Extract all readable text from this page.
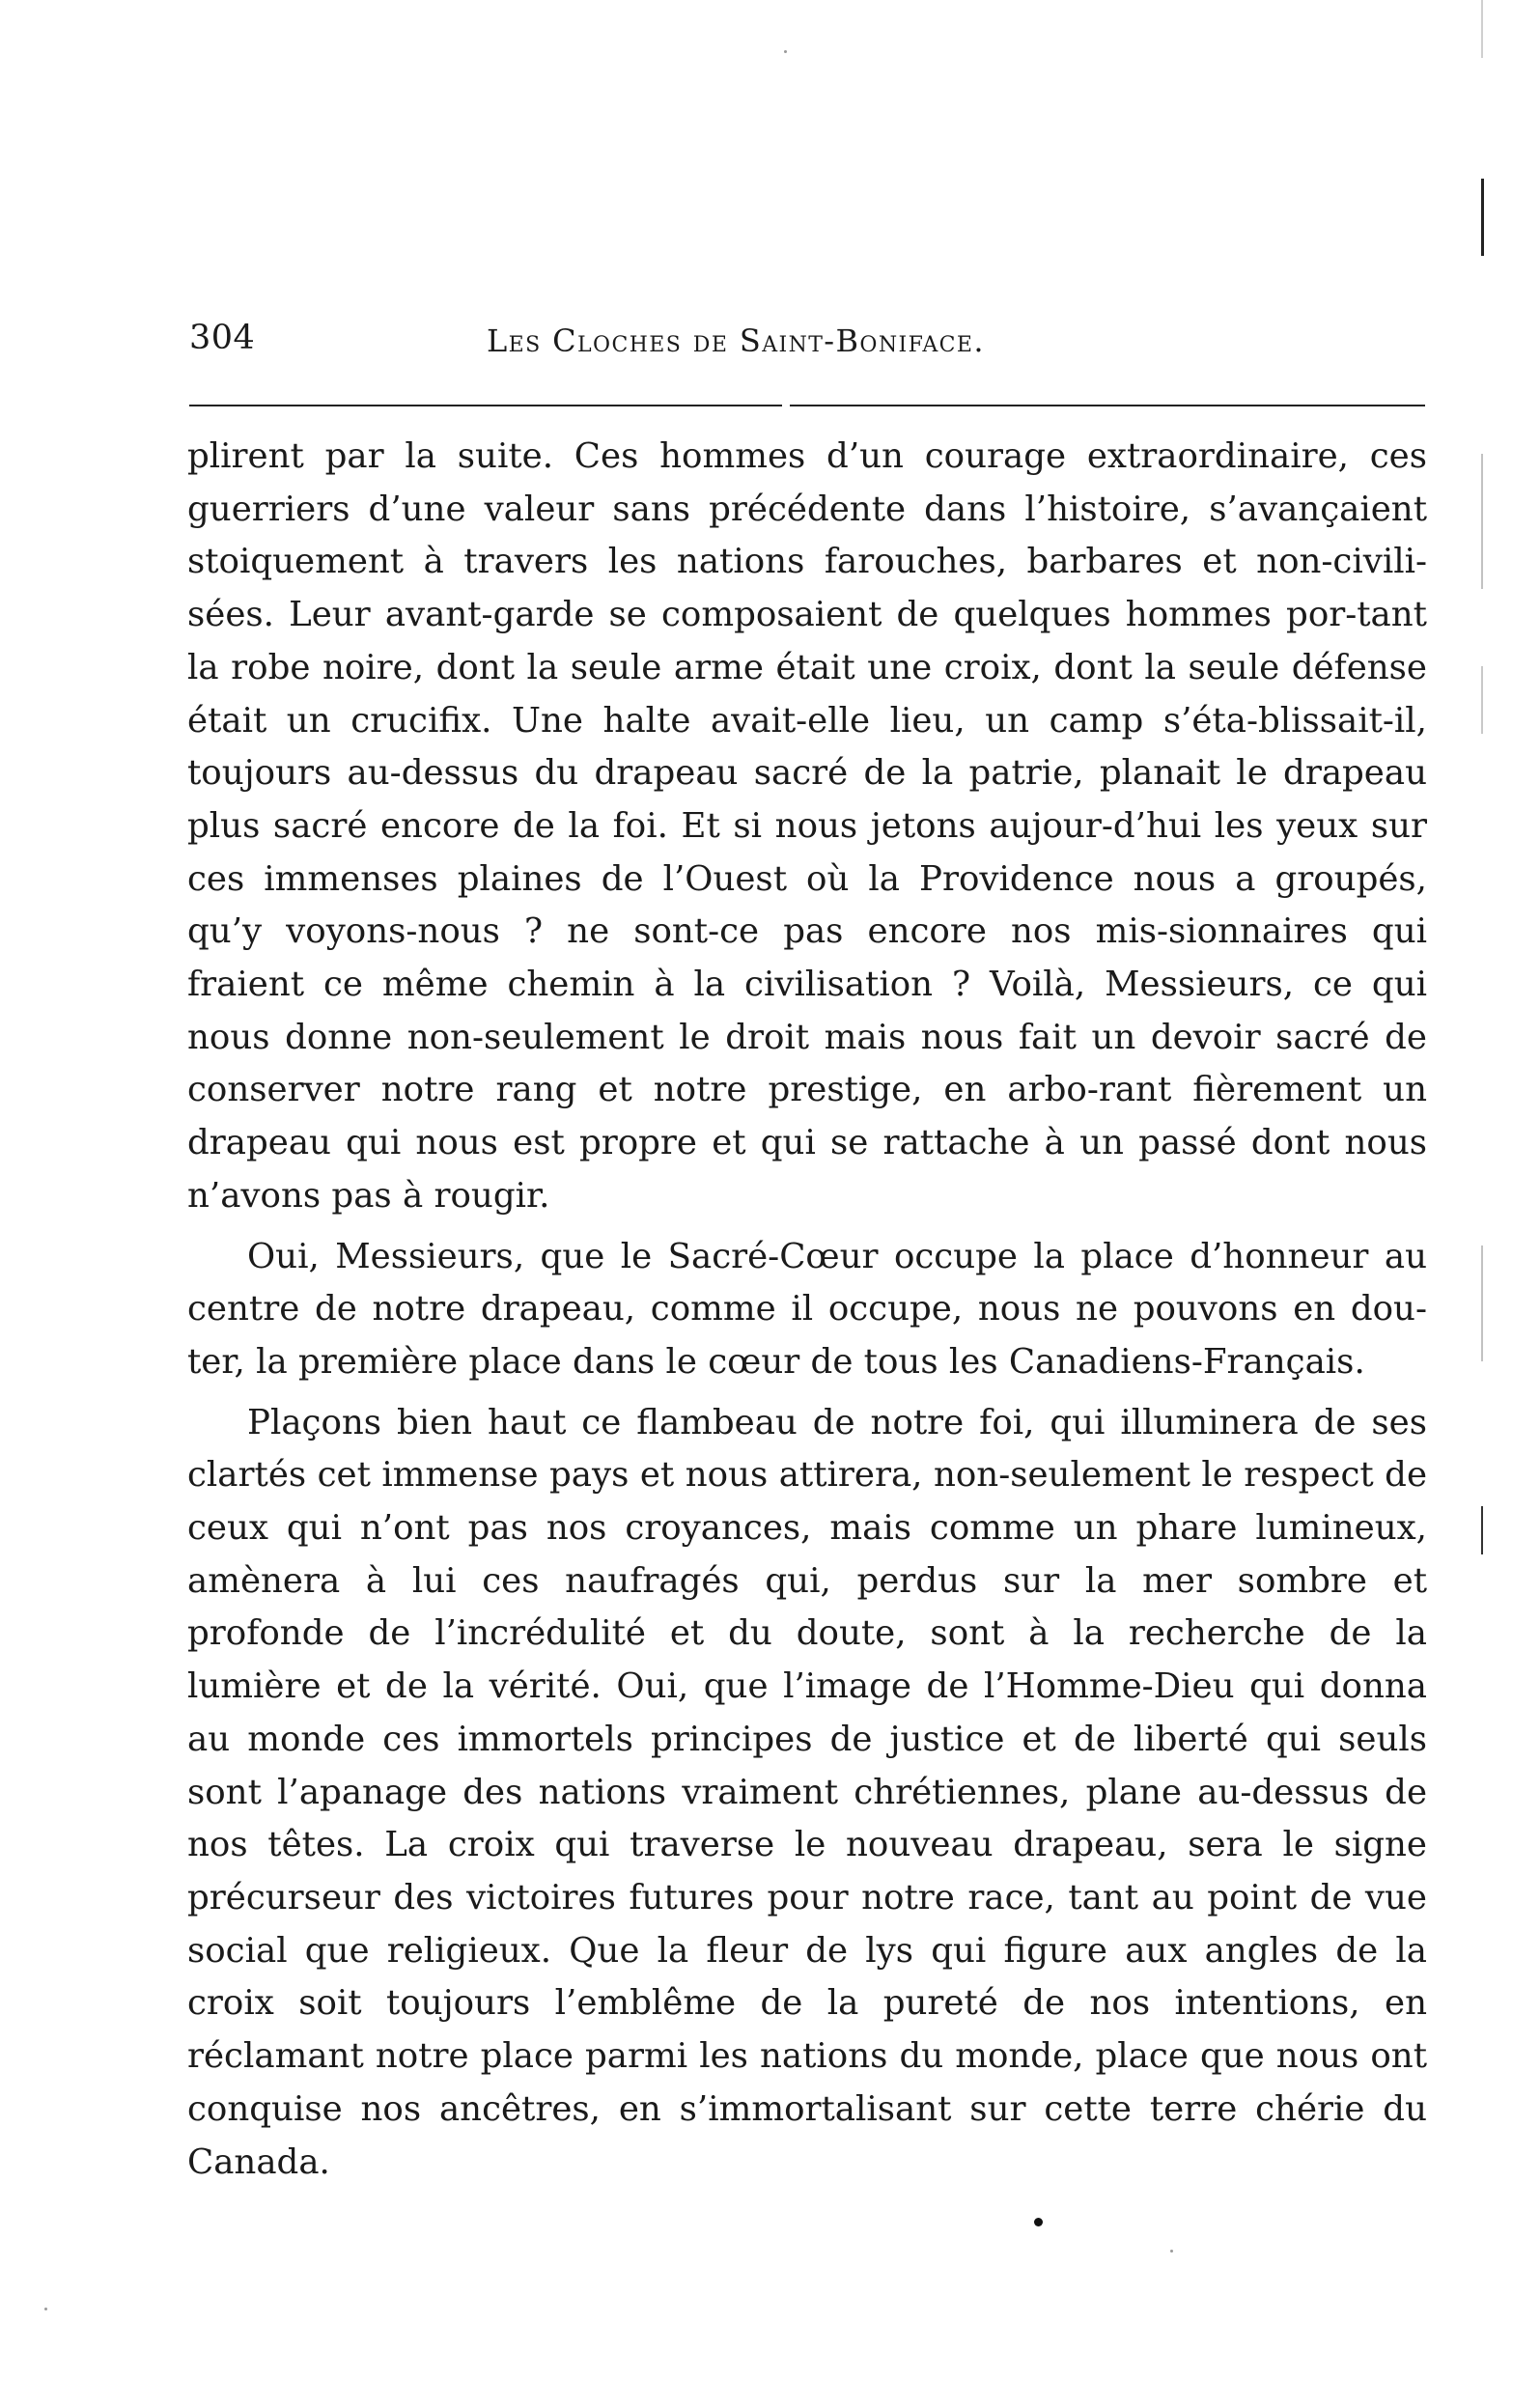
304	Les Cloches de Saint-Boniface.

plirent par la suite. Ces hommes d’un courage extraordinaire, ces guerriers d’une valeur sans précédente dans l’histoire, s’avançaient stoiquement à travers les nations farouches, barbares et non-civili-sées. Leur avant-garde se composaient de quelques hommes por-tant la robe noire, dont la seule arme était une croix, dont la seule défense était un crucifix. Une halte avait-elle lieu, un camp s’éta-blissait-il, toujours au-dessus du drapeau sacré de la patrie, planait le drapeau plus sacré encore de la foi. Et si nous jetons aujour-d’hui les yeux sur ces immenses plaines de l’Ouest où la Providence nous a groupés, qu’y voyons-nous ? ne sont-ce pas encore nos mis-sionnaires qui fraient ce même chemin à la civilisation ? Voilà, Messieurs, ce qui nous donne non-seulement le droit mais nous fait un devoir sacré de conserver notre rang et notre prestige, en arbo-rant fièrement un drapeau qui nous est propre et qui se rattache à un passé dont nous n’avons pas à rougir.

Oui, Messieurs, que le Sacré-Cœur occupe la place d’honneur au centre de notre drapeau, comme il occupe, nous ne pouvons en dou-ter, la première place dans le cœur de tous les Canadiens-Français.

Plaçons bien haut ce flambeau de notre foi, qui illuminera de ses clartés cet immense pays et nous attirera, non-seulement le respect de ceux qui n’ont pas nos croyances, mais comme un phare lumineux, amènera à lui ces naufragés qui, perdus sur la mer sombre et profonde de l’incrédulité et du doute, sont à la recherche de la lumière et de la vérité. Oui, que l’image de l’Homme-Dieu qui donna au monde ces immortels principes de justice et de liberté qui seuls sont l’apanage des nations vraiment chrétiennes, plane au-dessus de nos têtes. La croix qui traverse le nouveau drapeau, sera le signe précurseur des victoires futures pour notre race, tant au point de vue social que religieux. Que la fleur de lys qui figure aux angles de la croix soit toujours l’emblême de la pureté de nos intentions, en réclamant notre place parmi les nations du monde, place que nous ont conquise nos ancêtres, en s’immortalisant sur cette terre chérie du Canada.
